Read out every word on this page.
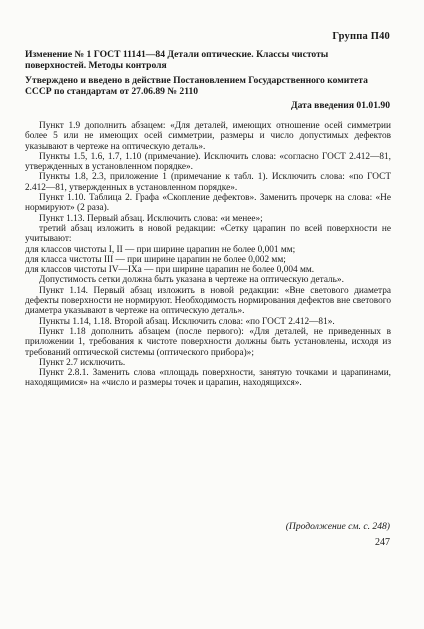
Группа П40
Изменение № 1 ГОСТ 11141—84 Детали оптические. Классы чистоты поверхностей. Методы контроля
Утверждено и введено в действие Постановлением Государственного комитета СССР по стандартам от 27.06.89 № 2110
Дата введения 01.01.90

Пункт 1.9 дополнить абзацем: «Для деталей, имеющих отношение осей симметрии более 5 или не имеющих осей симметрии, размеры и число допустимых дефектов указывают в чертеже на оптическую деталь».

Пункты 1.5, 1.6, 1.7, 1.10 (примечание). Исключить слова: «согласно ГОСТ 2.412—81, утвержденных в установленном порядке».

Пункты 1.8, 2.3, приложение 1 (примечание к табл. 1). Исключить слова: «по ГОСТ 2.412—81, утвержденных в установленном порядке».

Пункт 1.10. Таблица 2. Графа «Скопление дефектов». Заменить прочерк на слова: «Не нормируют» (2 раза).

Пункт 1.13. Первый абзац. Исключить слова: «и менее»;

третий абзац изложить в новой редакции: «Сетку царапин по всей поверхности не учитывают:

для классов чистоты I, II — при ширине царапин не более 0,001 мм;

для класса чистоты III — при ширине царапин не более 0,002 мм;

для классов чистоты IV—IXа — при ширине царапин не более 0,004 мм.

Допустимость сетки должна быть указана в чертеже на оптическую деталь».

Пункт 1.14. Первый абзац изложить в новой редакции: «Вне светового диаметра дефекты поверхности не нормируют. Необходимость нормирования дефектов вне светового диаметра указывают в чертеже на оптическую деталь».

Пункты 1.14, 1.18. Второй абзац. Исключить слова: «по ГОСТ 2.412—81».

Пункт 1.18 дополнить абзацем (после первого): «Для деталей, не приведенных в приложении 1, требования к чистоте поверхности должны быть установлены, исходя из требований оптической системы (оптического прибора)»;

Пункт 2.7 исключить.

Пункт 2.8.1. Заменить слова «площадь поверхности, занятую точками и царапинами, находящимися» на «число и размеры точек и царапин, находящихся».

(Продолжение см. с. 248)
247
